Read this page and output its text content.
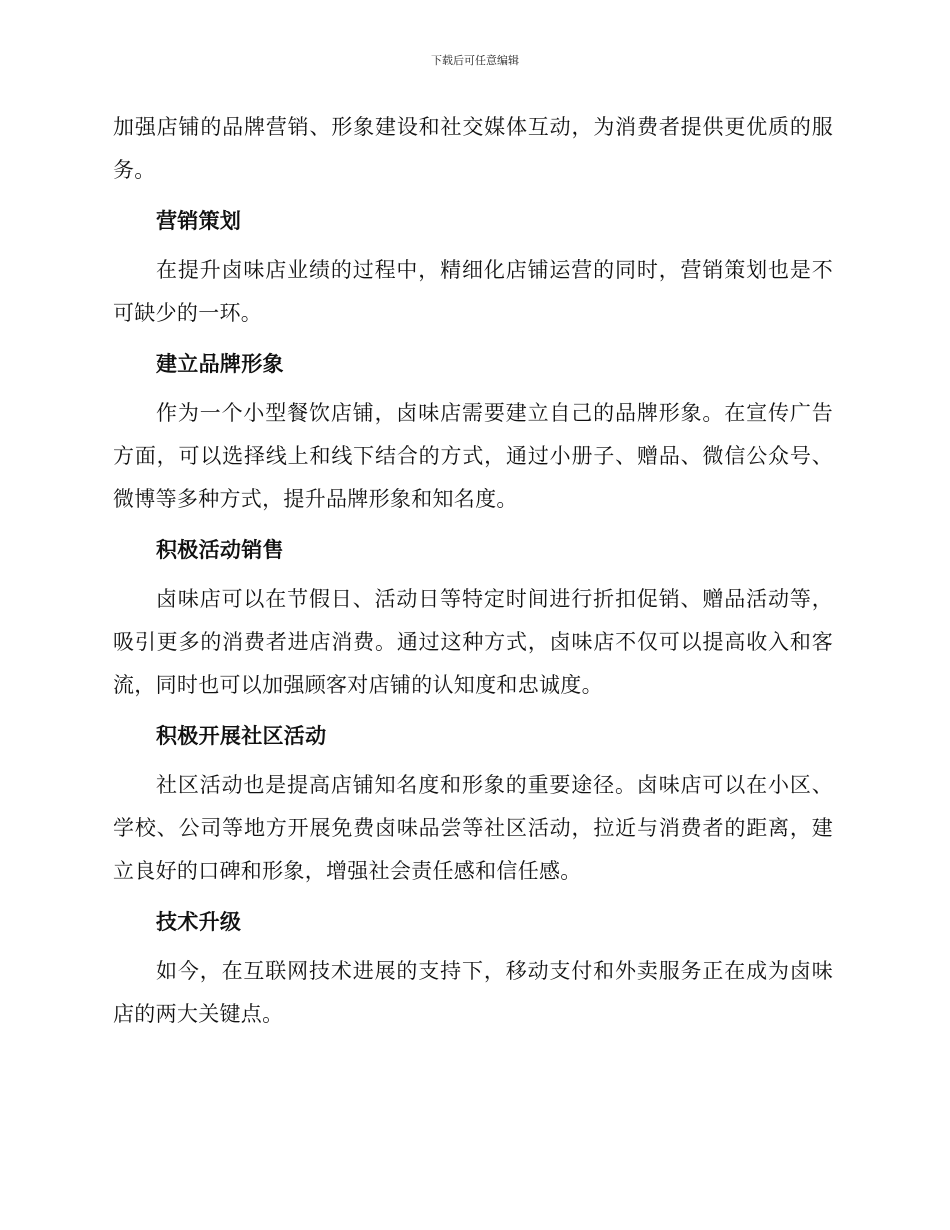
下载后可任意编辑

加强店铺的品牌营销、形象建设和社交媒体互动，为消费者提供更优质的服务。

营销策划

在提升卤味店业绩的过程中，精细化店铺运营的同时，营销策划也是不可缺少的一环。

建立品牌形象

作为一个小型餐饮店铺，卤味店需要建立自己的品牌形象。在宣传广告方面，可以选择线上和线下结合的方式，通过小册子、赠品、微信公众号、微博等多种方式，提升品牌形象和知名度。

积极活动销售

卤味店可以在节假日、活动日等特定时间进行折扣促销、赠品活动等，吸引更多的消费者进店消费。通过这种方式，卤味店不仅可以提高收入和客流，同时也可以加强顾客对店铺的认知度和忠诚度。

积极开展社区活动

社区活动也是提高店铺知名度和形象的重要途径。卤味店可以在小区、学校、公司等地方开展免费卤味品尝等社区活动，拉近与消费者的距离，建立良好的口碑和形象，增强社会责任感和信任感。

技术升级

如今，在互联网技术进展的支持下，移动支付和外卖服务正在成为卤味店的两大关键点。
